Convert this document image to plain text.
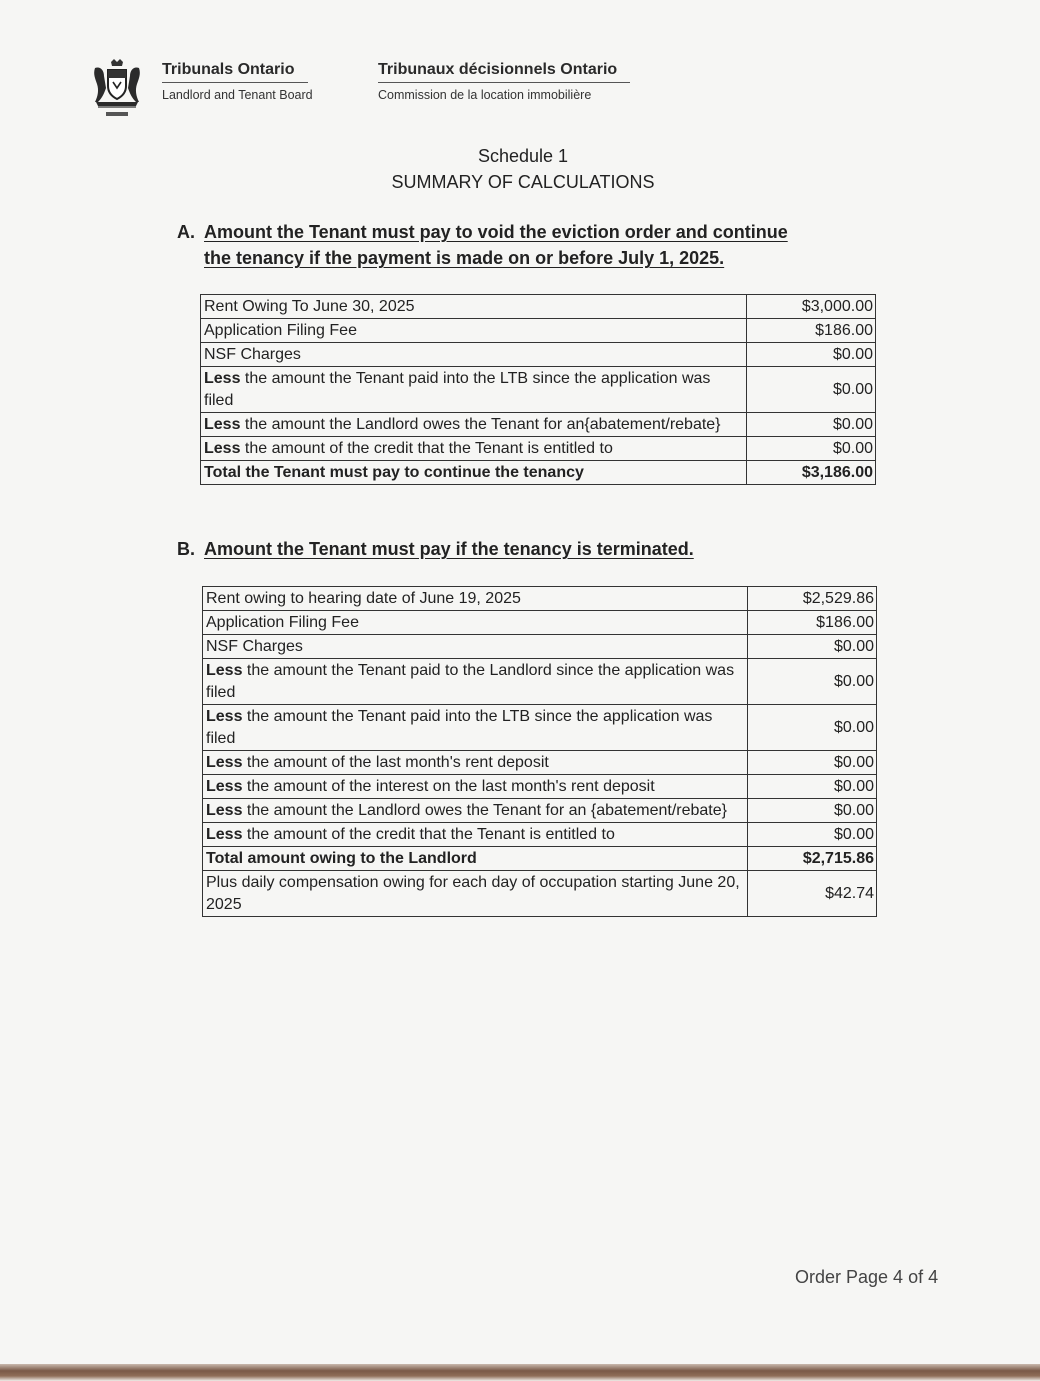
Tribunals Ontario
Landlord and Tenant Board
Tribunaux décisionnels Ontario
Commission de la location immobilière
Schedule 1
SUMMARY OF CALCULATIONS
A. Amount the Tenant must pay to void the eviction order and continue
the tenancy if the payment is made on or before July 1, 2025.
Rent Owing To June 30, 2025	$3,000.00
Application Filing Fee	$186.00
NSF Charges	$0.00
Less the amount the Tenant paid into the LTB since the application was filed	$0.00
Less the amount the Landlord owes the Tenant for an{abatement/rebate}	$0.00
Less the amount of the credit that the Tenant is entitled to	$0.00
Total the Tenant must pay to continue the tenancy	$3,186.00
B. Amount the Tenant must pay if the tenancy is terminated.
Rent owing to hearing date of June 19, 2025	$2,529.86
Application Filing Fee	$186.00
NSF Charges	$0.00
Less the amount the Tenant paid to the Landlord since the application was filed	$0.00
Less the amount the Tenant paid into the LTB since the application was filed	$0.00
Less the amount of the last month's rent deposit	$0.00
Less the amount of the interest on the last month's rent deposit	$0.00
Less the amount the Landlord owes the Tenant for an {abatement/rebate}	$0.00
Less the amount of the credit that the Tenant is entitled to	$0.00
Total amount owing to the Landlord	$2,715.86
Plus daily compensation owing for each day of occupation starting June 20, 2025	$42.74
Order Page 4 of 4
